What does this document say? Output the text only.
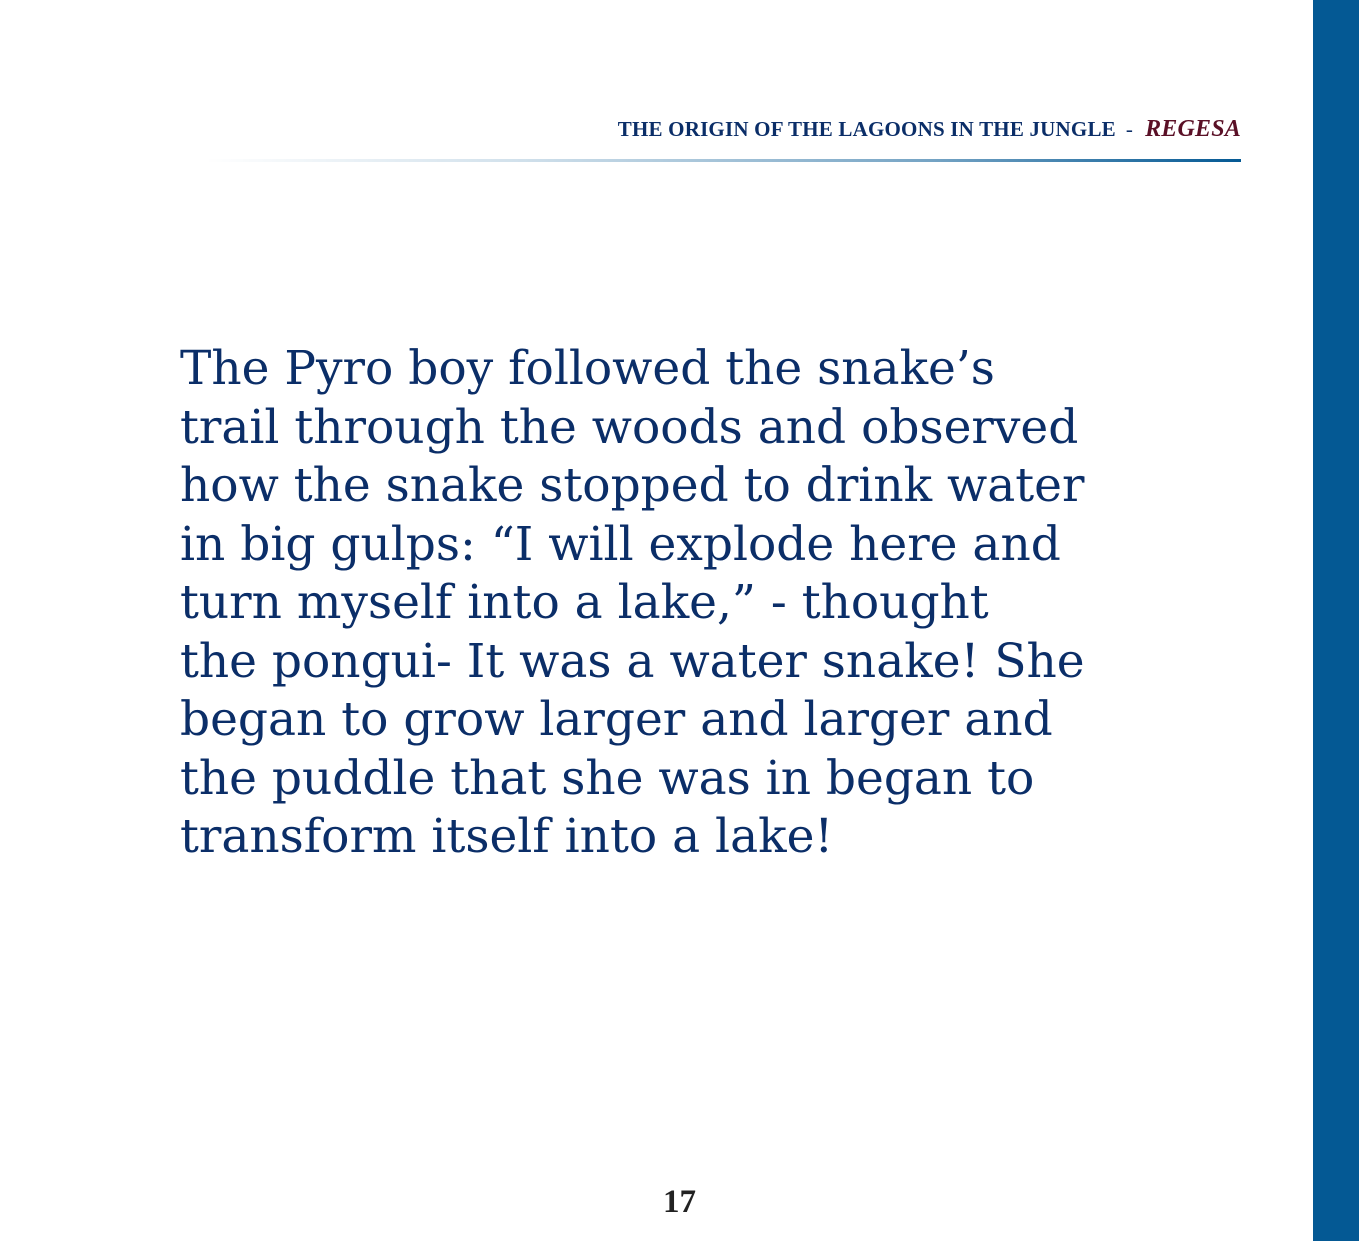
THE ORIGIN OF THE LAGOONS IN THE JUNGLE - REGESA

The Pyro boy followed the snake’s
trail through the woods and observed
how the snake stopped to drink water
in big gulps: “I will explode here and
turn myself into a lake,” - thought
the pongui- It was a water snake! She
began to grow larger and larger and
the puddle that she was in began to
transform itself into a lake!

17
